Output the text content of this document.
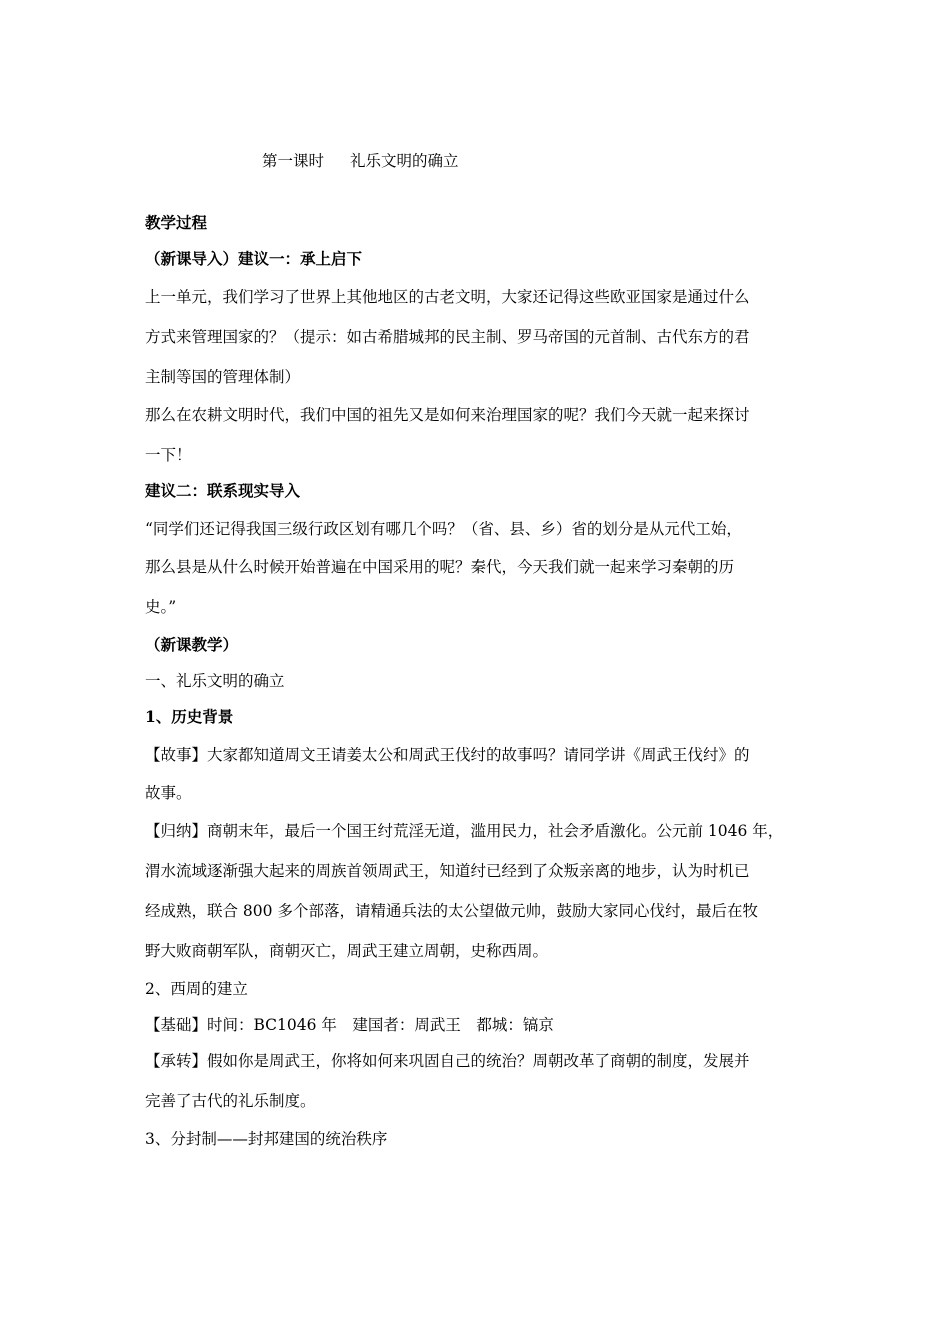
第一课时 礼乐文明的确立
教学过程
（新课导入）建议一：承上启下
上一单元，我们学习了世界上其他地区的古老文明，大家还记得这些欧亚国家是通过什么
方式来管理国家的？（提示：如古希腊城邦的民主制、罗马帝国的元首制、古代东方的君
主制等国的管理体制）
那么在农耕文明时代，我们中国的祖先又是如何来治理国家的呢？我们今天就一起来探讨
一下！
建议二：联系现实导入
“同学们还记得我国三级行政区划有哪几个吗？（省、县、乡）省的划分是从元代工始，
那么县是从什么时候开始普遍在中国采用的呢？秦代，今天我们就一起来学习秦朝的历
史。”
（新课教学）
一、礼乐文明的确立
1、历史背景
【故事】大家都知道周文王请姜太公和周武王伐纣的故事吗？请同学讲《周武王伐纣》的
故事。
【归纳】商朝末年，最后一个国王纣荒淫无道，滥用民力，社会矛盾激化。公元前 1046 年，
渭水流域逐渐强大起来的周族首领周武王，知道纣已经到了众叛亲离的地步，认为时机已
经成熟，联合 800 多个部落，请精通兵法的太公望做元帅，鼓励大家同心伐纣，最后在牧
野大败商朝军队，商朝灭亡，周武王建立周朝，史称西周。
2、西周的建立
【基础】时间：BC1046 年　建国者：周武王　都城：镐京
【承转】假如你是周武王，你将如何来巩固自己的统治？周朝改革了商朝的制度，发展并
完善了古代的礼乐制度。
3、分封制——封邦建国的统治秩序
